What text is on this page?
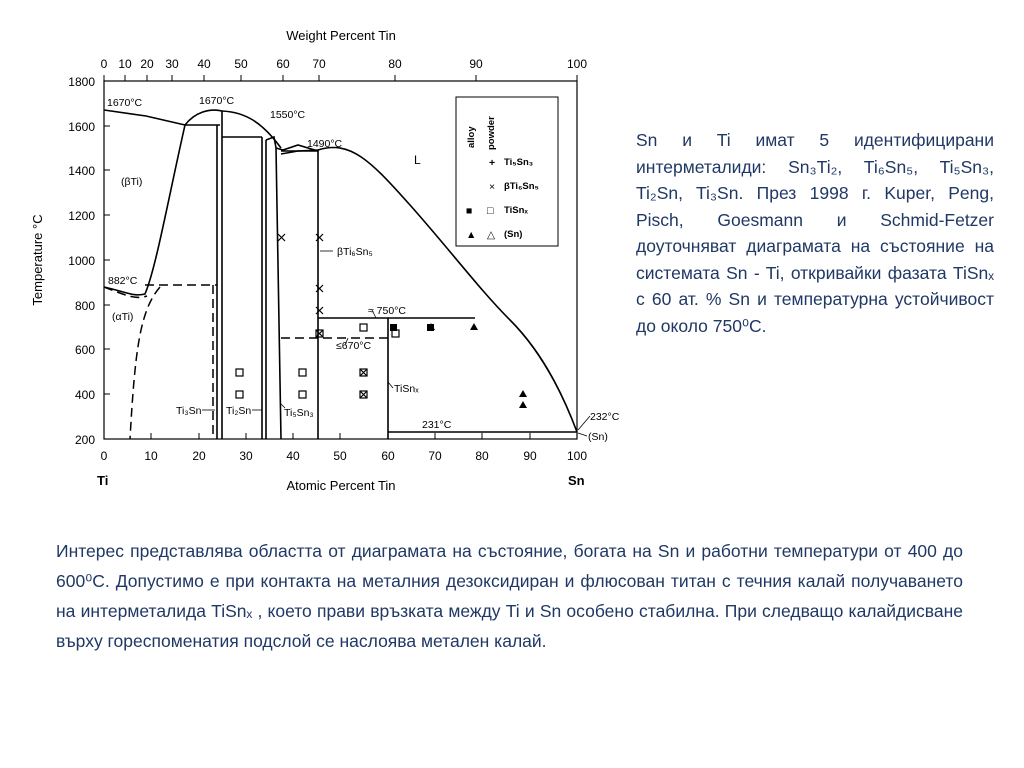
Weight Percent Tin
0 10 20 30 40 50 60 70	80	90	100
0	10	20	30	40	50	60	70	80	90	100
Ti	Sn
Atomic Percent Tin
1800
1600
1400
1200
1000
800
600
400
200
Temperature °C
1670°C	1670°C
1550°C
1490°C
882°C
≈ 750°C
≤670°C
231°C
232°C
L
(βTi)
(αTi)
(Sn)
βTi₆Sn₅
Ti₃Sn Ti₂Sn	Ti₅Sn₃
TiSnₓ
alloy powder
+ Ti₅Sn₃
× βTi₆Sn₅
■ □ TiSnₓ
▲ △ (Sn)
Sn и Ti имат 5 идентифицирани интерметалиди: Sn₃Ti₂, Ti₆Sn₅, Ti₅Sn₃, Ti₂Sn, Ti₃Sn. През 1998 г. Kuper, Peng, Pisch, Goesmann и Schmid-Fetzer доуточняват диаграмата на състояние на системата Sn - Ti, откривайки фазата TiSnₓ с 60 ат. % Sn и температурна устойчивост до около 750⁰C.
Интерес представлява областта от диаграмата на състояние, богата на Sn и работни температури от 400 до 600⁰С. Допустимо е при контакта на металния дезоксидиран и флюсован титан с течния калай получаването на интерметалида TiSnₓ , което прави връзката между Ti и Sn особено стабилна. При следващо калайдисване върху гореспоменатия подслой се наслоява метален калай.
